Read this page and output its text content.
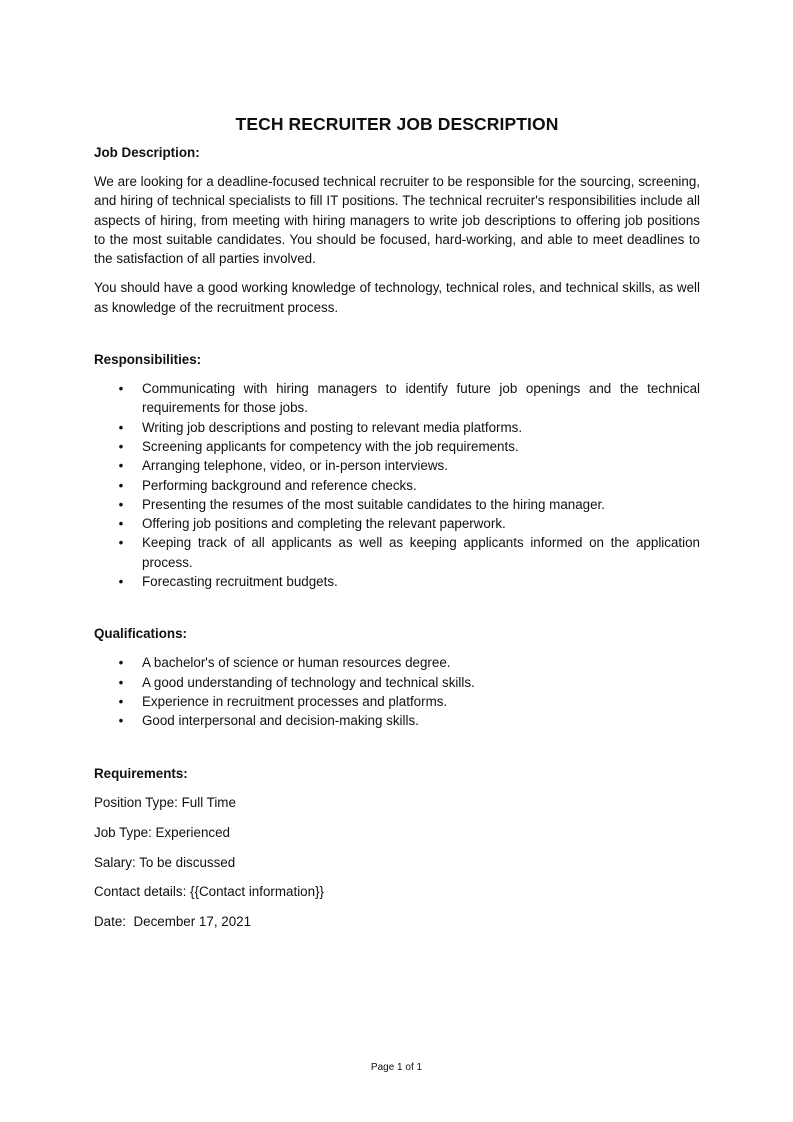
TECH RECRUITER JOB DESCRIPTION
Job Description:

We are looking for a deadline-focused technical recruiter to be responsible for the sourcing, screening, and hiring of technical specialists to fill IT positions. The technical recruiter's responsibilities include all aspects of hiring, from meeting with hiring managers to write job descriptions to offering job positions to the most suitable candidates. You should be focused, hard-working, and able to meet deadlines to the satisfaction of all parties involved.

You should have a good working knowledge of technology, technical roles, and technical skills, as well as knowledge of the recruitment process.

Responsibilities:
• Communicating with hiring managers to identify future job openings and the technical requirements for those jobs.
• Writing job descriptions and posting to relevant media platforms.
• Screening applicants for competency with the job requirements.
• Arranging telephone, video, or in-person interviews.
• Performing background and reference checks.
• Presenting the resumes of the most suitable candidates to the hiring manager.
• Offering job positions and completing the relevant paperwork.
• Keeping track of all applicants as well as keeping applicants informed on the application process.
• Forecasting recruitment budgets.
Qualifications:
• A bachelor's of science or human resources degree.
• A good understanding of technology and technical skills.
• Experience in recruitment processes and platforms.
• Good interpersonal and decision-making skills.
Requirements:

Position Type: Full Time

Job Type: Experienced

Salary: To be discussed

Contact details: {{Contact information}}

Date:  December 17, 2021

Page 1 of 1
